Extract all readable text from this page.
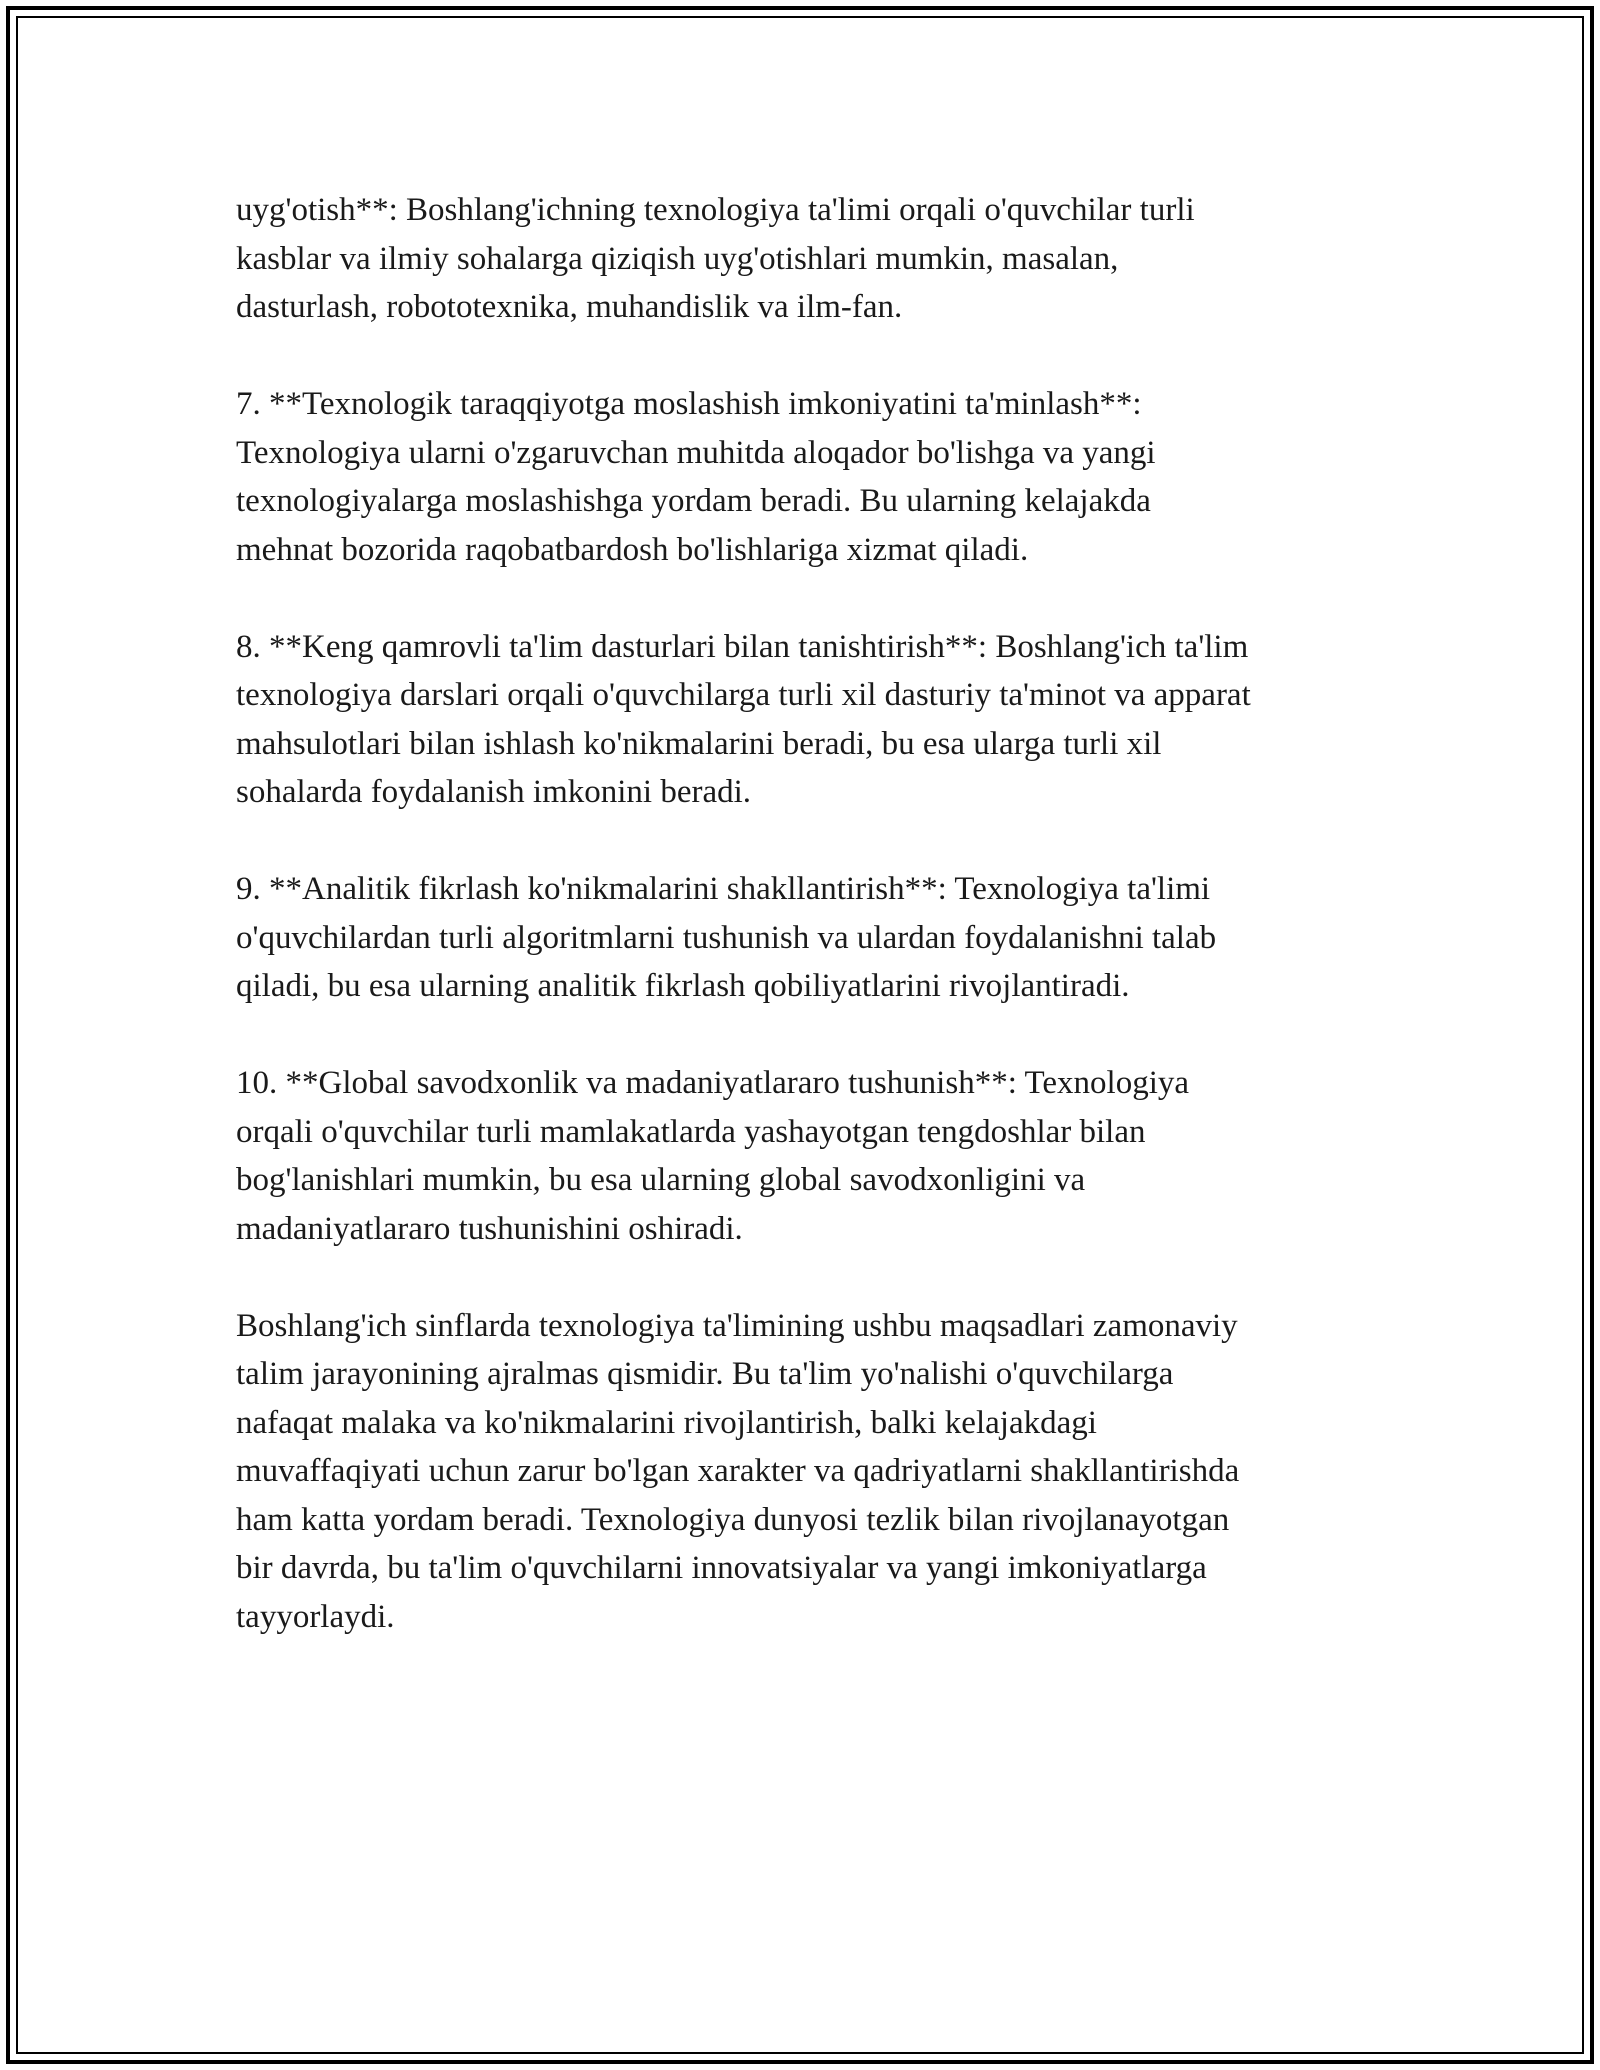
uyg'otish**: Boshlang'ichning texnologiya ta'limi orqali o'quvchilar turli
kasblar va ilmiy sohalarga qiziqish uyg'otishlari mumkin, masalan,
dasturlash, robototexnika, muhandislik va ilm-fan.

7. **Texnologik taraqqiyotga moslashish imkoniyatini ta'minlash**:
Texnologiya ularni o'zgaruvchan muhitda aloqador bo'lishga va yangi
texnologiyalarga moslashishga yordam beradi. Bu ularning kelajakda
mehnat bozorida raqobatbardosh bo'lishlariga xizmat qiladi.

8. **Keng qamrovli ta'lim dasturlari bilan tanishtirish**: Boshlang'ich ta'lim
texnologiya darslari orqali o'quvchilarga turli xil dasturiy ta'minot va apparat
mahsulotlari bilan ishlash ko'nikmalarini beradi, bu esa ularga turli xil
sohalarda foydalanish imkonini beradi.

9. **Analitik fikrlash ko'nikmalarini shakllantirish**: Texnologiya ta'limi
o'quvchilardan turli algoritmlarni tushunish va ulardan foydalanishni talab
qiladi, bu esa ularning analitik fikrlash qobiliyatlarini rivojlantiradi.

10. **Global savodxonlik va madaniyatlararo tushunish**: Texnologiya
orqali o'quvchilar turli mamlakatlarda yashayotgan tengdoshlar bilan
bog'lanishlari mumkin, bu esa ularning global savodxonligini va
madaniyatlararo tushunishini oshiradi.

Boshlang'ich sinflarda texnologiya ta'limining ushbu maqsadlari zamonaviy
talim jarayonining ajralmas qismidir. Bu ta'lim yo'nalishi o'quvchilarga
nafaqat malaka va ko'nikmalarini rivojlantirish, balki kelajakdagi
muvaffaqiyati uchun zarur bo'lgan xarakter va qadriyatlarni shakllantirishda
ham katta yordam beradi. Texnologiya dunyosi tezlik bilan rivojlanayotgan
bir davrda, bu ta'lim o'quvchilarni innovatsiyalar va yangi imkoniyatlarga
tayyorlaydi.
